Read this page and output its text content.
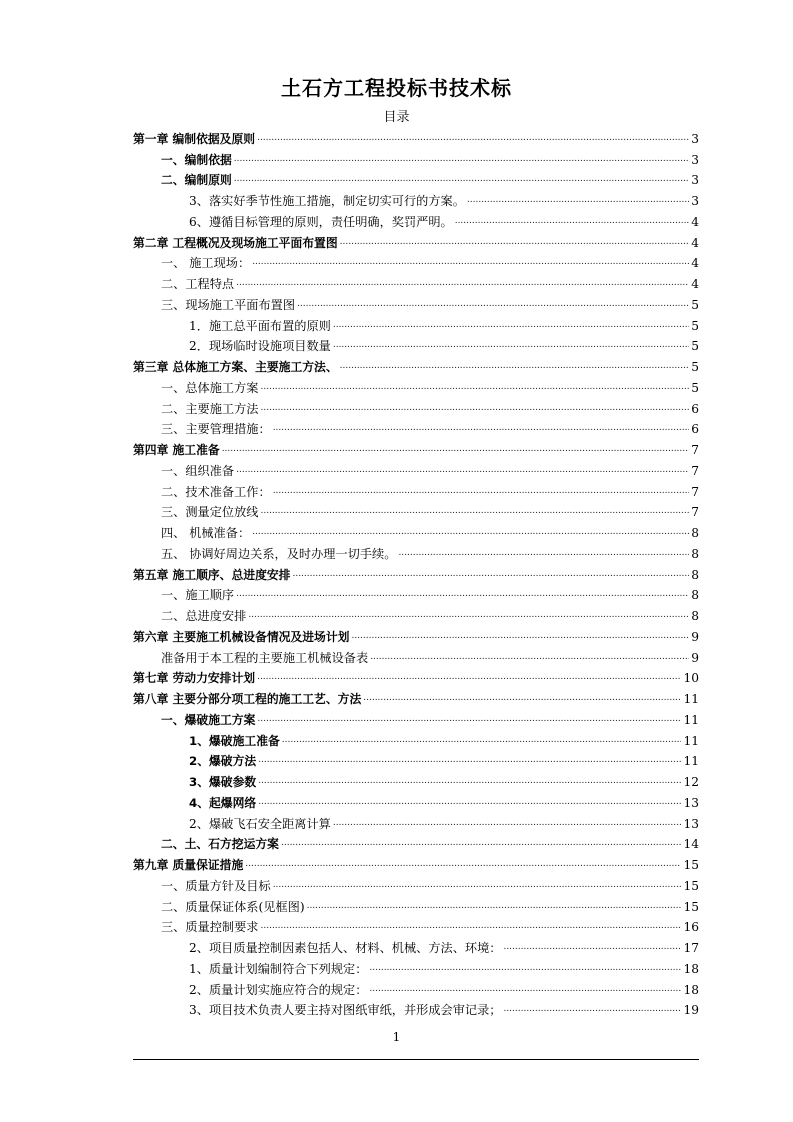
土石方工程投标书技术标
目录
第一章 编制依据及原则 .....	3
一、编制依据 .....	3
二、编制原则 .....	3
3、落实好季节性施工措施，制定切实可行的方案。 .....	3
6、遵循目标管理的原则，责任明确，奖罚严明。 .....	4
第二章 工程概况及现场施工平面布置图 .....	4
一、 施工现场： .....	4
二、工程特点 .....	4
三、现场施工平面布置图 .....	5
1．施工总平面布置的原则 .....	5
2．现场临时设施项目数量 .....	5
第三章 总体施工方案、主要施工方法、 .....	5
一、总体施工方案 .....	5
二、主要施工方法 .....	6
三、主要管理措施： .....	6
第四章 施工准备 .....	7
一、组织准备 .....	7
二、技术准备工作： .....	7
三、测量定位放线 .....	7
四、 机械准备： .....	8
五、 协调好周边关系，及时办理一切手续。 .....	8
第五章 施工顺序、总进度安排 .....	8
一、施工顺序 .....	8
二、总进度安排 .....	8
第六章 主要施工机械设备情况及进场计划 .....	9
准备用于本工程的主要施工机械设备表 .....	9
第七章 劳动力安排计划 .....	10
第八章 主要分部分项工程的施工工艺、方法 .....	11
一、爆破施工方案 .....	11
1、爆破施工准备 .....	11
2、爆破方法 .....	11
3、爆破参数 .....	12
4、起爆网络 .....	13
2、爆破飞石安全距离计算 .....	13
二、土、石方挖运方案 .....	14
第九章 质量保证措施 .....	15
一、质量方针及目标 .....	15
二、质量保证体系(见框图) .....	15
三、质量控制要求 .....	16
2、项目质量控制因素包括人、材料、机械、方法、环境： .....	17
1、质量计划编制符合下列规定： .....	18
2、质量计划实施应符合的规定： .....	18
3、项目技术负责人要主持对图纸审纸，并形成会审记录； .....	19
1
